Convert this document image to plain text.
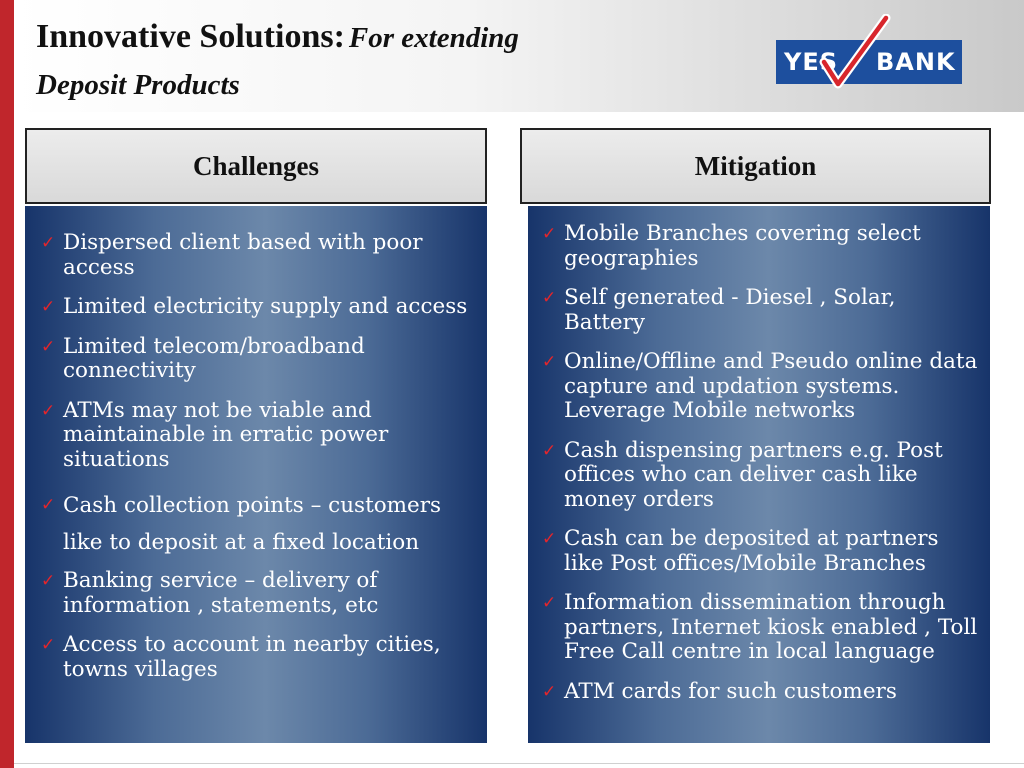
Innovative Solutions: For extending
Deposit Products
YES BANK
Challenges	Mitigation
✓ Dispersed client based with poor access
✓ Limited electricity supply and access
✓ Limited telecom/broadband connectivity
✓ ATMs may not be viable and maintainable in erratic power situations
✓ Cash collection points – customers like to deposit at a fixed location
✓ Banking service – delivery of information , statements, etc
✓ Access to account in nearby cities, towns villages
✓ Mobile Branches covering select geographies
✓ Self generated - Diesel , Solar, Battery
✓ Online/Offline and Pseudo online data capture and updation systems. Leverage Mobile networks
✓ Cash dispensing partners e.g. Post offices who can deliver cash like money orders
✓ Cash can be deposited at partners like Post offices/Mobile Branches
✓ Information dissemination through partners, Internet kiosk enabled , Toll Free Call centre in local language
✓ ATM cards for such customers
